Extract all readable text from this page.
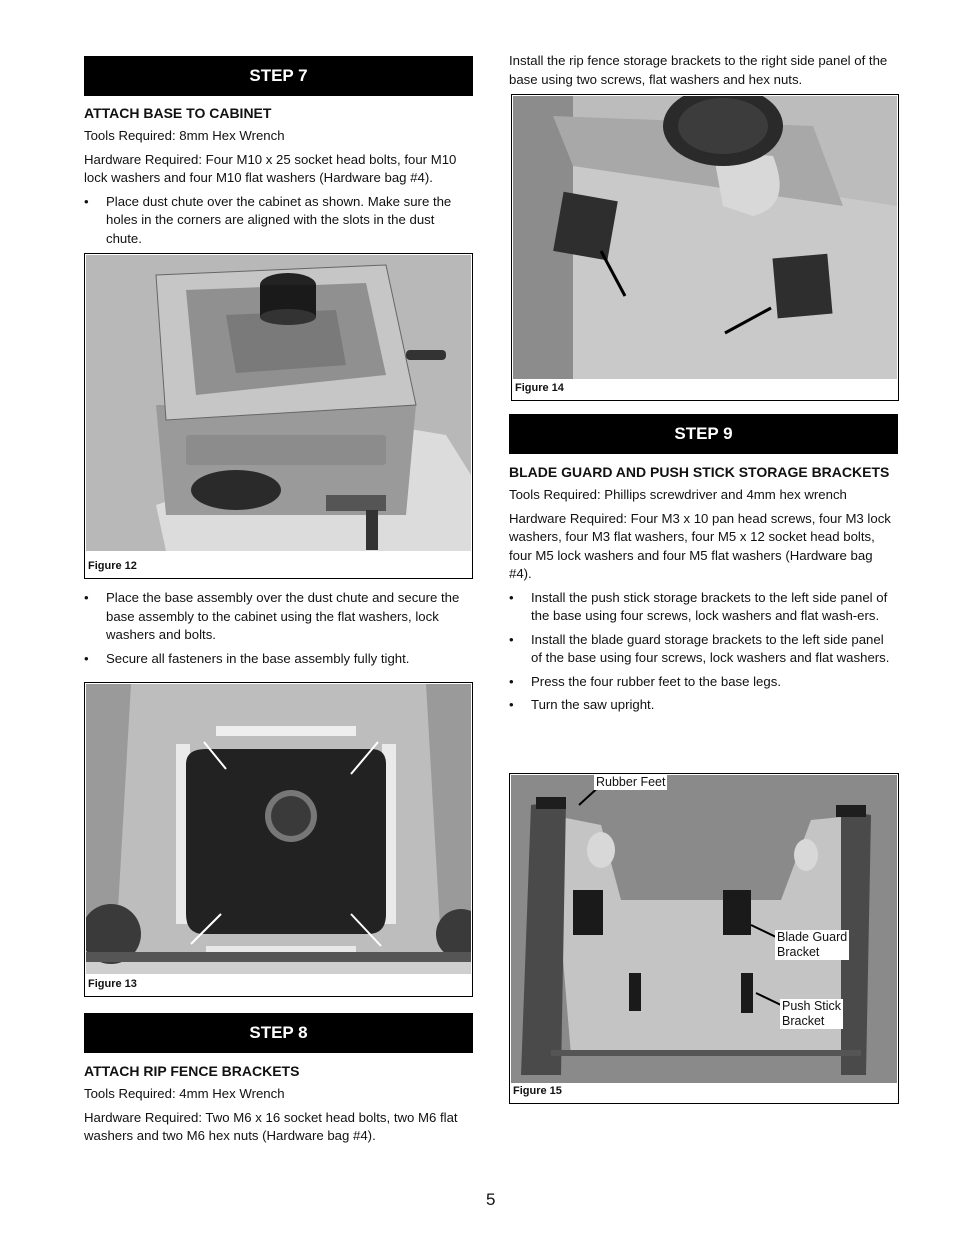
STEP 7

ATTACH BASE TO CABINET

Tools Required: 8mm Hex Wrench

Hardware Required: Four M10 x 25 socket head bolts, four M10 lock washers and four M10 flat washers (Hardware bag #4).

• Place dust chute over the cabinet as shown. Make sure the holes in the corners are aligned with the slots in the dust chute.
Figure 12
• Place the base assembly over the dust chute and secure the base assembly to the cabinet using the flat washers, lock washers and bolts.
• Secure all fasteners in the base assembly fully tight.
Figure 13
STEP 8

ATTACH RIP FENCE BRACKETS

Tools Required: 4mm Hex Wrench

Hardware Required: Two M6 x 16 socket head bolts, two M6 flat washers and two M6 hex nuts (Hardware bag #4).

Install the rip fence storage brackets to the right side panel of the base using two screws, flat washers and hex nuts.

Figure 14
STEP 9

BLADE GUARD AND PUSH STICK STORAGE BRACKETS

Tools Required: Phillips screwdriver and 4mm hex wrench

Hardware Required: Four M3 x 10 pan head screws, four M3 lock washers, four M3 flat washers, four M5 x 12 socket head bolts, four M5 lock washers and four M5 flat washers (Hardware bag #4).

• Install the push stick storage brackets to the left side panel of the base using four screws, lock washers and flat wash-ers.
• Install the blade guard storage brackets to the left side panel of the base using four screws, lock washers and flat washers.
• Press the four rubber feet to the base legs.
• Turn the saw upright.
Rubber Feet
Blade Guard
Bracket
Push Stick
Bracket
Figure 15
5
